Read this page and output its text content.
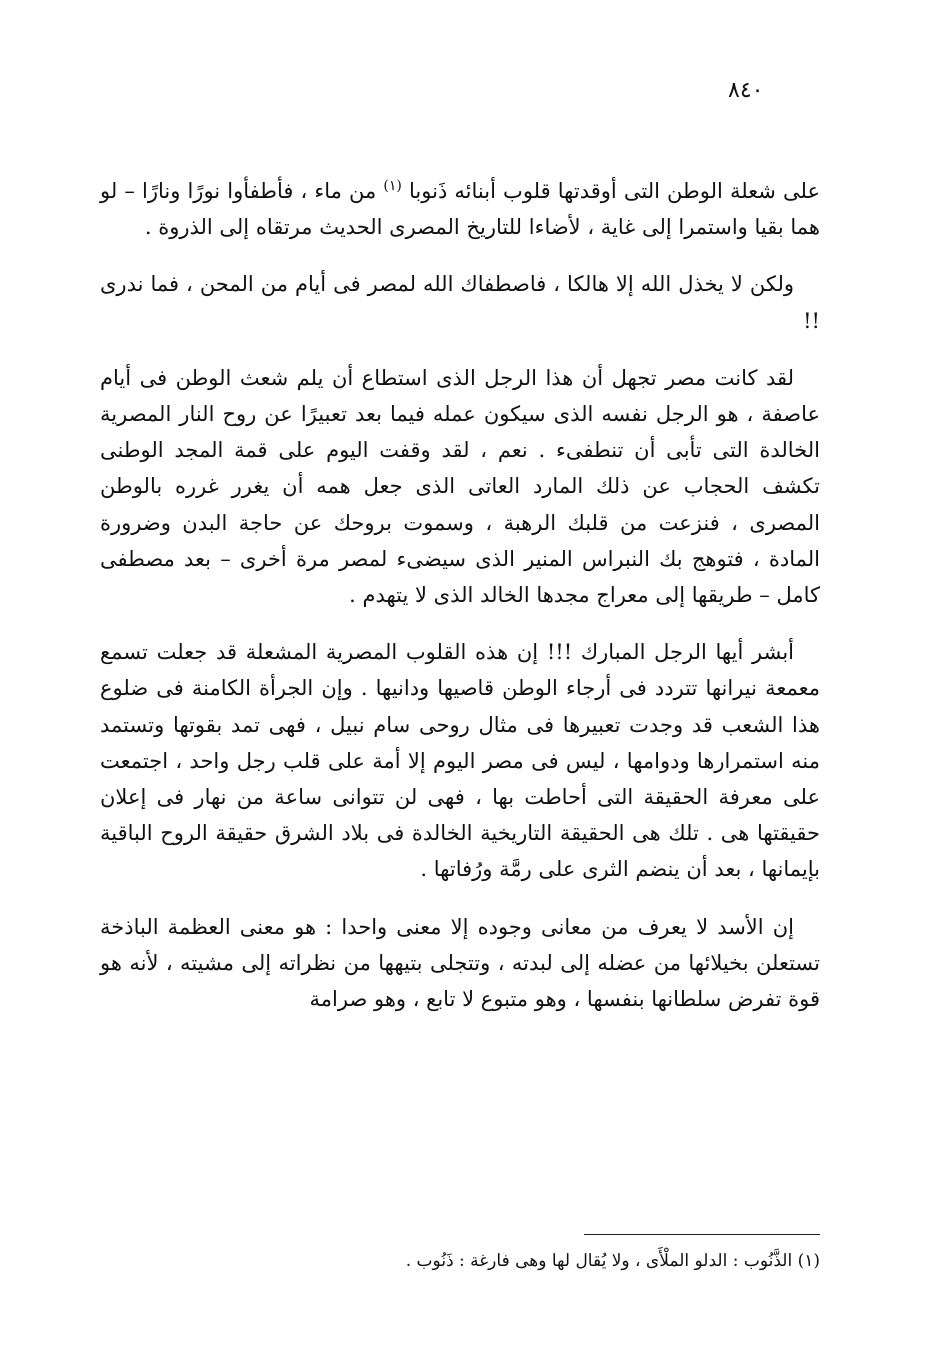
٨٤٠

على شعلة الوطن التى أوقدتها قلوب أبنائه ذَنوبا $^{(١)}$ من ماء ، فأطفأوا نورًا ونارًا – لو هما بقيا واستمرا إلى غاية ، لأضاءا للتاريخ المصرى الحديث مرتقاه إلى الذروة .

ولكن لا يخذل الله إلا هالكا ، فاصطفاك الله لمصر فى أيام من المحن ، فما ندرى !!

لقد كانت مصر تجهل أن هذا الرجل الذى استطاع أن يلم شعث الوطن فى أيام عاصفة ، هو الرجل نفسه الذى سيكون عمله فيما بعد تعبيرًا عن روح النار المصرية الخالدة التى تأبى أن تنطفىء . نعم ، لقد وقفت اليوم على قمة المجد الوطنى تكشف الحجاب عن ذلك المارد العاتى الذى جعل همه أن يغرر غرره بالوطن المصرى ، فنزعت من قلبك الرهبة ، وسموت بروحك عن حاجة البدن وضرورة المادة ، فتوهج بك النبراس المنير الذى سيضىء لمصر مرة أخرى – بعد مصطفى كامل – طريقها إلى معراج مجدها الخالد الذى لا يتهدم .

أبشر أيها الرجل المبارك !!! إن هذه القلوب المصرية المشعلة قد جعلت تسمع معمعة نيرانها تتردد فى أرجاء الوطن قاصيها ودانيها . وإن الجرأة الكامنة فى ضلوع هذا الشعب قد وجدت تعبيرها فى مثال روحى سام نبيل ، فهى تمد بقوتها وتستمد منه استمرارها ودوامها ، ليس فى مصر اليوم إلا أمة على قلب رجل واحد ، اجتمعت على معرفة الحقيقة التى أحاطت بها ، فهى لن تتوانى ساعة من نهار فى إعلان حقيقتها هى . تلك هى الحقيقة التاريخية الخالدة فى بلاد الشرق حقيقة الروح الباقية بإيمانها ، بعد أن ينضم الثرى على رمَّة ورُفاتها .

إن الأسد لا يعرف من معانى وجوده إلا معنى واحدا : هو معنى العظمة الباذخة تستعلن بخيلائها من عضله إلى لبدته ، وتتجلى بتيهها من نظراته إلى مشيته ، لأنه هو قوة تفرض سلطانها بنفسها ، وهو متبوع لا تابع ، وهو صرامة

(١) الذَّنُوب : الدلو الملْأَى ، ولا يُقال لها وهى فارغة : ذَنُوب .
